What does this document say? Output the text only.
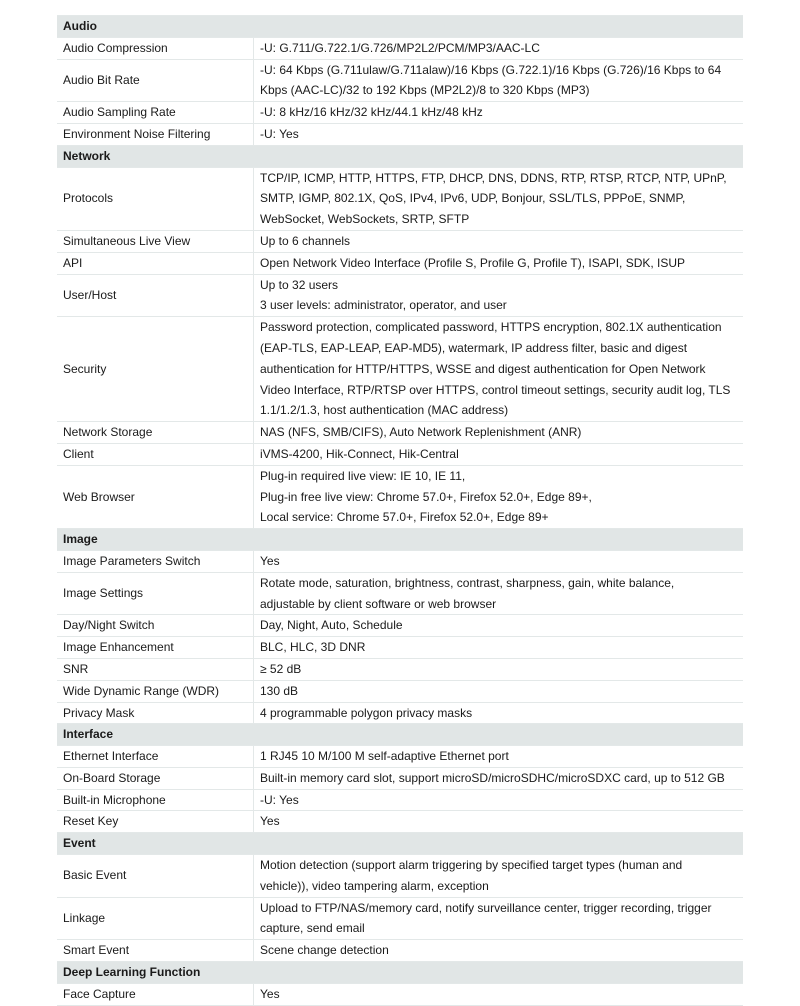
Audio	
Audio Compression	-U: G.711/G.722.1/G.726/MP2L2/PCM/MP3/AAC-LC

Audio Bit Rate	-U: 64 Kbps (G.711ulaw/G.711alaw)/16 Kbps (G.722.1)/16 Kbps (G.726)/16 Kbps to 64
Kbps (AAC-LC)/32 to 192 Kbps (MP2L2)/8 to 320 Kbps (MP3)

Audio Sampling Rate	-U: 8 kHz/16 kHz/32 kHz/44.1 kHz/48 kHz

Environment Noise Filtering	-U: Yes

Network	
Protocols	TCP/IP, ICMP, HTTP, HTTPS, FTP, DHCP, DNS, DDNS, RTP, RTSP, RTCP, NTP, UPnP,
SMTP, IGMP, 802.1X, QoS, IPv4, IPv6, UDP, Bonjour, SSL/TLS, PPPoE, SNMP,
WebSocket, WebSockets, SRTP, SFTP

Simultaneous Live View	Up to 6 channels

API	Open Network Video Interface (Profile S, Profile G, Profile T), ISAPI, SDK, ISUP

User/Host	Up to 32 users
3 user levels: administrator, operator, and user

Security	Password protection, complicated password, HTTPS encryption, 802.1X authentication
(EAP-TLS, EAP-LEAP, EAP-MD5), watermark, IP address filter, basic and digest
authentication for HTTP/HTTPS, WSSE and digest authentication for Open Network
Video Interface, RTP/RTSP over HTTPS, control timeout settings, security audit log, TLS
1.1/1.2/1.3, host authentication (MAC address)

Network Storage	NAS (NFS, SMB/CIFS), Auto Network Replenishment (ANR)

Client	iVMS-4200, Hik-Connect, Hik-Central

Web Browser	Plug-in required live view: IE 10, IE 11,
Plug-in free live view: Chrome 57.0+, Firefox 52.0+, Edge 89+,
Local service: Chrome 57.0+, Firefox 52.0+, Edge 89+

Image	
Image Parameters Switch	Yes

Image Settings	Rotate mode, saturation, brightness, contrast, sharpness, gain, white balance,
adjustable by client software or web browser

Day/Night Switch	Day, Night, Auto, Schedule

Image Enhancement	BLC, HLC, 3D DNR

SNR	≥ 52 dB

Wide Dynamic Range (WDR)	130 dB

Privacy Mask	4 programmable polygon privacy masks

Interface	
Ethernet Interface	1 RJ45 10 M/100 M self-adaptive Ethernet port

On-Board Storage	Built-in memory card slot, support microSD/microSDHC/microSDXC card, up to 512 GB

Built-in Microphone	-U: Yes

Reset Key	Yes

Event	
Basic Event	Motion detection (support alarm triggering by specified target types (human and
vehicle)), video tampering alarm, exception

Linkage	Upload to FTP/NAS/memory card, notify surveillance center, trigger recording, trigger
capture, send email

Smart Event	Scene change detection

Deep Learning Function	
Face Capture	Yes
